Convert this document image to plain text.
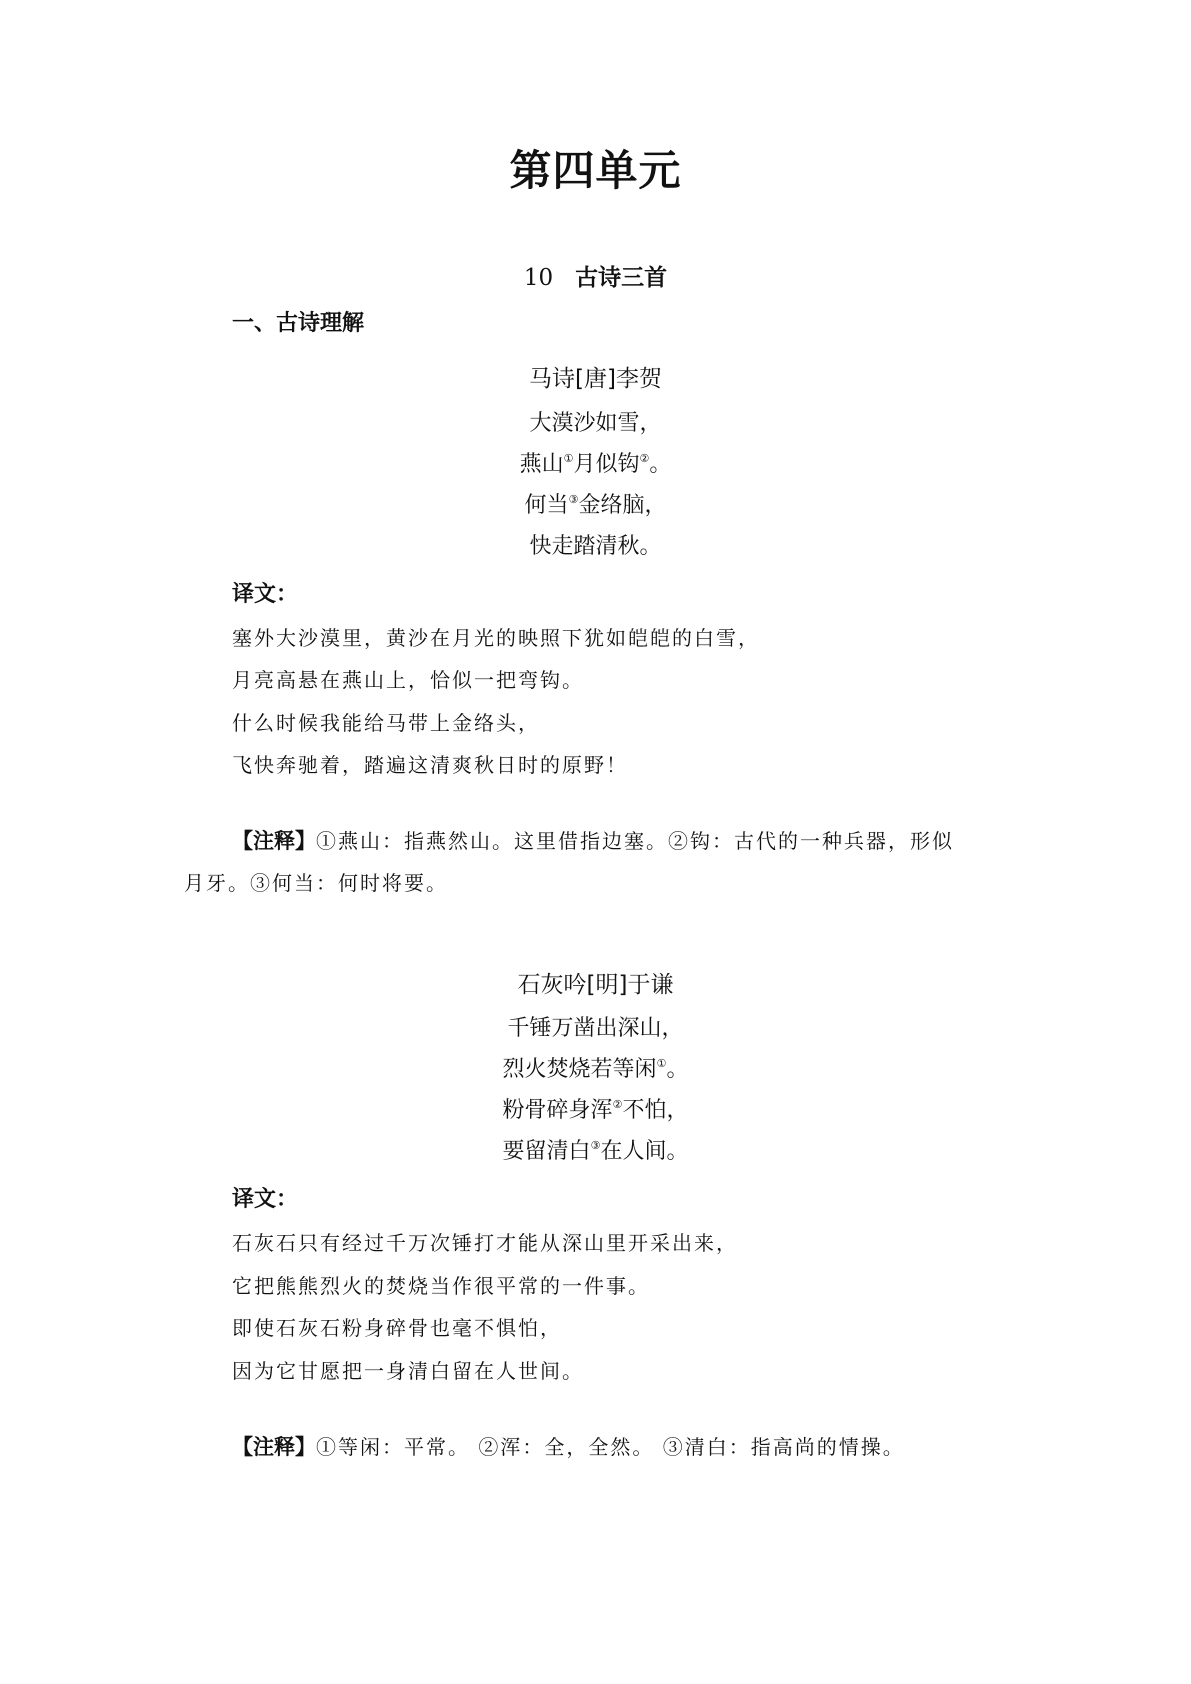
第四单元
10 古诗三首
一、古诗理解
马诗[唐]李贺
大漠沙如雪，
燕山①月似钩②。
何当③金络脑，
快走踏清秋。
译文：
塞外大沙漠里，黄沙在月光的映照下犹如皑皑的白雪，
月亮高悬在燕山上，恰似一把弯钩。
什么时候我能给马带上金络头，
飞快奔驰着，踏遍这清爽秋日时的原野！
【注释】①燕山：指燕然山。这里借指边塞。②钩：古代的一种兵器，形似
月牙。③何当：何时将要。
石灰吟[明]于谦
千锤万凿出深山，
烈火焚烧若等闲①。
粉骨碎身浑②不怕，
要留清白③在人间。
译文：
石灰石只有经过千万次锤打才能从深山里开采出来，
它把熊熊烈火的焚烧当作很平常的一件事。
即使石灰石粉身碎骨也毫不惧怕，
因为它甘愿把一身清白留在人世间。
【注释】①等闲：平常。 ②浑：全，全然。 ③清白：指高尚的情操。
